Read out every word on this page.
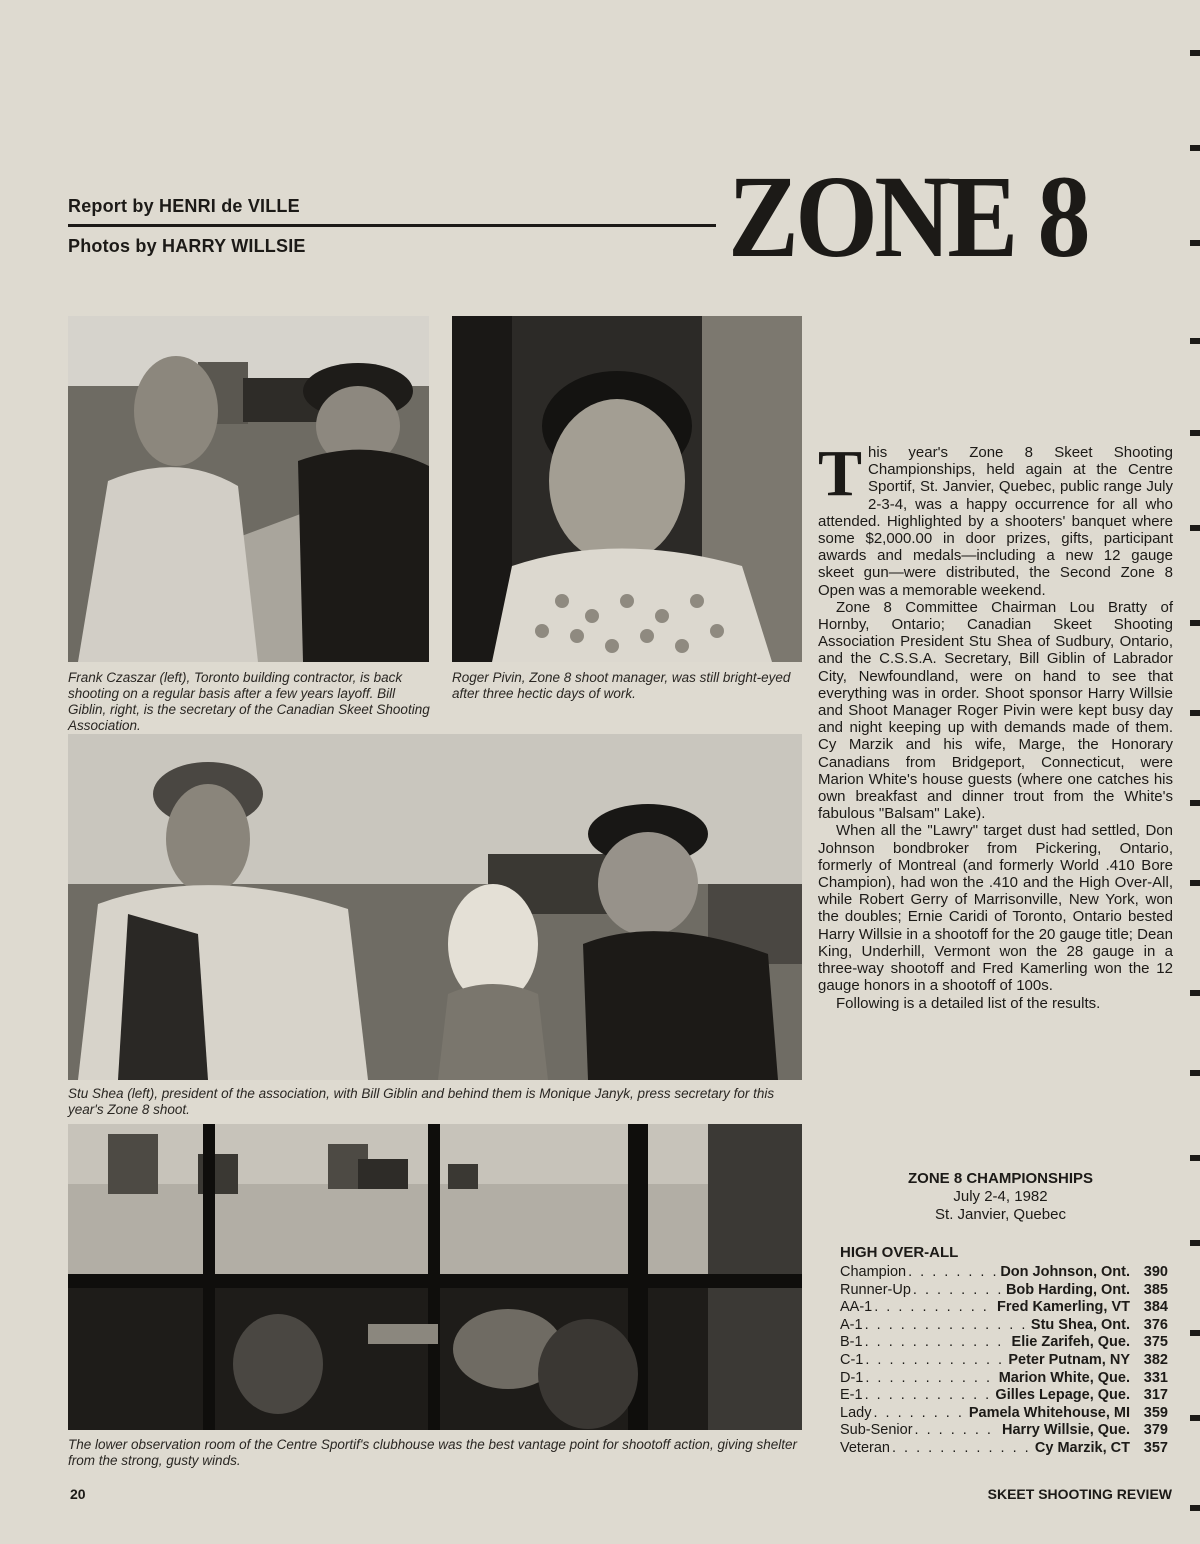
Report by HENRI de VILLE
Photos by HARRY WILLSIE	ZONE 8
Frank Czaszar (left), Toronto building contractor, is back shooting on a regular basis after a few years layoff. Bill Giblin, right, is the secretary of the Canadian Skeet Shooting Association.
Roger Pivin, Zone 8 shoot manager, was still bright-eyed after three hectic days of work.
Stu Shea (left), president of the association, with Bill Giblin and behind them is Monique Janyk, press secretary for this year's Zone 8 shoot.
The lower observation room of the Centre Sportif's clubhouse was the best vantage point for shootoff action, giving shelter from the strong, gusty winds.

This year's Zone 8 Skeet Shooting Championships, held again at the Centre Sportif, St. Janvier, Quebec, public range July 2-3-4, was a happy occurrence for all who attended. Highlighted by a shooters' banquet where some $2,000.00 in door prizes, gifts, participant awards and medals—including a new 12 gauge skeet gun—were distributed, the Second Zone 8 Open was a memorable weekend.

Zone 8 Committee Chairman Lou Bratty of Hornby, Ontario; Canadian Skeet Shooting Association President Stu Shea of Sudbury, Ontario, and the C.S.S.A. Secretary, Bill Giblin of Labrador City, Newfoundland, were on hand to see that everything was in order. Shoot sponsor Harry Willsie and Shoot Manager Roger Pivin were kept busy day and night keeping up with demands made of them. Cy Marzik and his wife, Marge, the Honorary Canadians from Bridgeport, Connecticut, were Marion White's house guests (where one catches his own breakfast and dinner trout from the White's fabulous "Balsam" Lake).

When all the "Lawry" target dust had settled, Don Johnson bondbroker from Pickering, Ontario, formerly of Montreal (and formerly World .410 Bore Champion), had won the .410 and the High Over-All, while Robert Gerry of Marrisonville, New York, won the doubles; Ernie Caridi of Toronto, Ontario bested Harry Willsie in a shootoff for the 20 gauge title; Dean King, Underhill, Vermont won the 28 gauge in a three-way shootoff and Fred Kamerling won the 12 gauge honors in a shootoff of 100s.

Following is a detailed list of the results.

ZONE 8 CHAMPIONSHIPS
July 2-4, 1982
St. Janvier, Quebec
HIGH OVER-ALL
Champion . . .	Don Johnson, Ont. 390
Runner-Up . . .	Bob Harding, Ont. 385
AA-1 . . .	Fred Kamerling, VT 384
A-1 . . .	Stu Shea, Ont. 376
B-1 . . .	Elie Zarifeh, Que. 375
C-1 . . .	Peter Putnam, NY 382
D-1 . . .	Marion White, Que. 331
E-1 . . .	Gilles Lepage, Que. 317
Lady . . .	Pamela Whitehouse, MI 359
Sub-Senior . . .	Harry Willsie, Que. 379
Veteran . . .	Cy Marzik, CT 357
20	SKEET SHOOTING REVIEW
